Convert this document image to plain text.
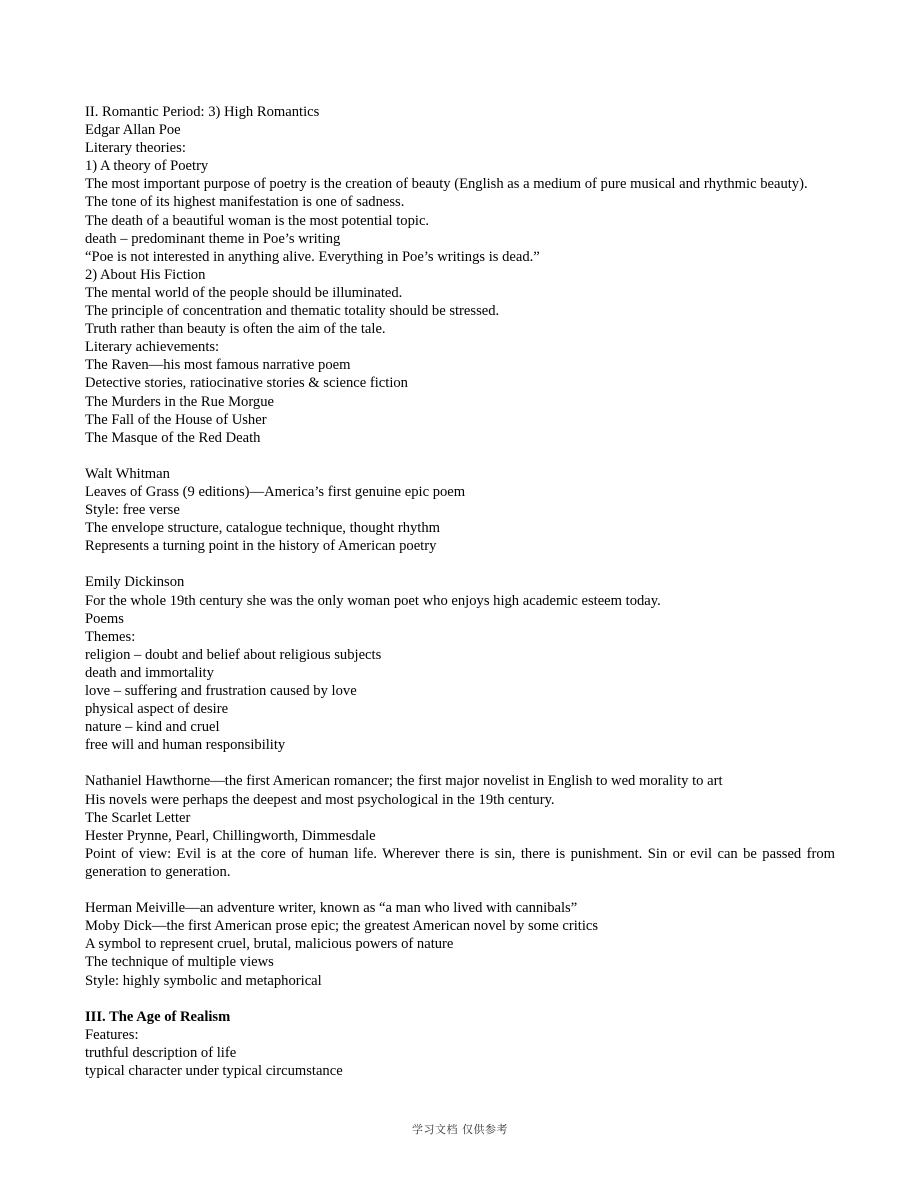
II. Romantic Period: 3) High Romantics
Edgar Allan Poe
Literary theories:
1) A theory of Poetry
The most important purpose of poetry is the creation of beauty (English as a medium of pure musical and rhythmic beauty).
The tone of its highest manifestation is one of sadness.
The death of a beautiful woman is the most potential topic.
death – predominant theme in Poe’s writing
“Poe is not interested in anything alive. Everything in Poe’s writings is dead.”
2) About His Fiction
The mental world of the people should be illuminated.
The principle of concentration and thematic totality should be stressed.
Truth rather than beauty is often the aim of the tale.
Literary achievements:
The Raven—his most famous narrative poem
Detective stories, ratiocinative stories & science fiction
The Murders in the Rue Morgue
The Fall of the House of Usher
The Masque of the Red Death
Walt Whitman
Leaves of Grass (9 editions)—America’s first genuine epic poem
Style: free verse
The envelope structure, catalogue technique, thought rhythm
Represents a turning point in the history of American poetry
Emily Dickinson
For the whole 19th century she was the only woman poet who enjoys high academic esteem today.
Poems
Themes:
religion – doubt and belief about religious subjects
death and immortality
love – suffering and frustration caused by love
physical aspect of desire
nature – kind and cruel
free will and human responsibility
Nathaniel Hawthorne—the first American romancer; the first major novelist in English to wed morality to art
His novels were perhaps the deepest and most psychological in the 19th century.
The Scarlet Letter
Hester Prynne, Pearl, Chillingworth, Dimmesdale
Point of view: Evil is at the core of human life. Wherever there is sin, there is punishment. Sin or evil can be passed from generation to generation.
Herman Meiville—an adventure writer, known as “a man who lived with cannibals”
Moby Dick—the first American prose epic; the greatest American novel by some critics
A symbol to represent cruel, brutal, malicious powers of nature
The technique of multiple views
Style: highly symbolic and metaphorical
III. The Age of Realism
Features:
truthful description of life
typical character under typical circumstance
学习文档 仅供参考
